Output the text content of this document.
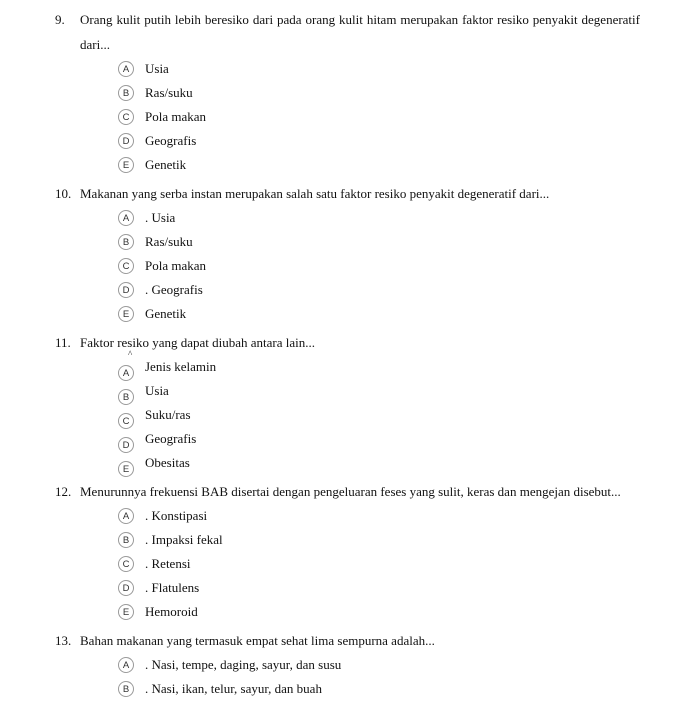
9. Orang kulit putih lebih beresiko dari pada orang kulit hitam merupakan faktor resiko penyakit degeneratif dari...
A	Usia
B	Ras/suku
C	Pola makan
D	Geografis
E	Genetik
10. Makanan yang serba instan merupakan salah satu faktor resiko penyakit degeneratif dari...
A	. Usia
B	Ras/suku
C	Pola makan
D	. Geografis
E	Genetik
11. Faktor resiko yang dapat diubah antara lain...
^
A	Jenis kelamin
B	Usia
C	Suku/ras
D	Geografis
E	Obesitas
12. Menurunnya frekuensi BAB disertai dengan pengeluaran feses yang sulit, keras dan mengejan disebut...
A	. Konstipasi
B	. Impaksi fekal
C	. Retensi
D	. Flatulens
E	Hemoroid
13. Bahan makanan yang termasuk empat sehat lima sempurna adalah...
A	. Nasi, tempe, daging, sayur, dan susu
B	. Nasi, ikan, telur, sayur, dan buah
